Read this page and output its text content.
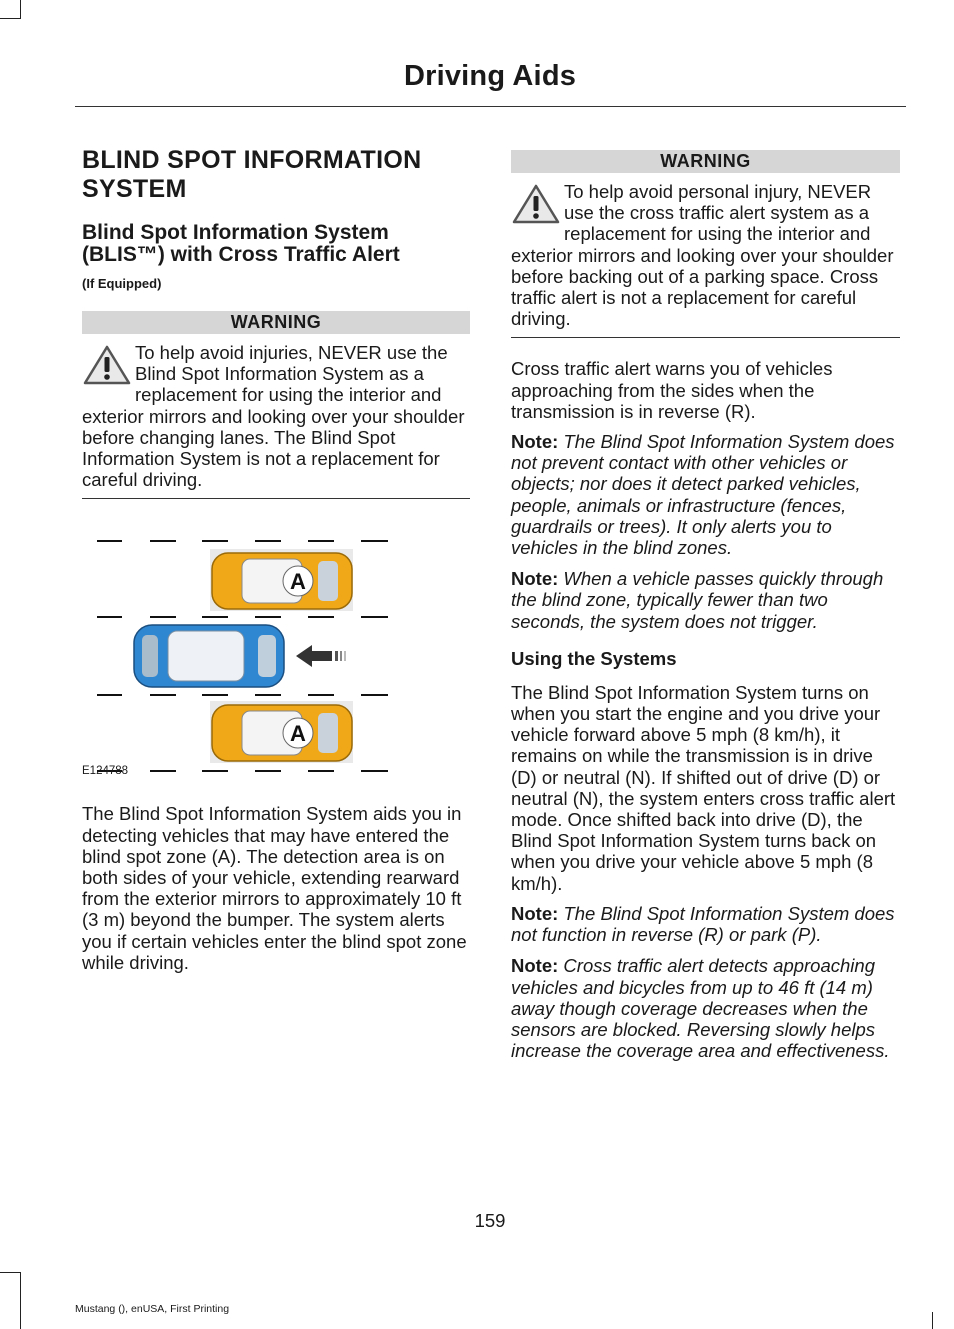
Driving Aids
BLIND SPOT INFORMATION SYSTEM
Blind Spot Information System (BLIS™) with Cross Traffic Alert
(If Equipped)
WARNING
To help avoid injuries, NEVER use the Blind Spot Information System as a replacement for using the interior and exterior mirrors and looking over your shoulder before changing lanes. The Blind Spot Information System is not a replacement for careful driving.
A
A
E124788

The Blind Spot Information System aids you in detecting vehicles that may have entered the blind spot zone (A). The detection area is on both sides of your vehicle, extending rearward from the exterior mirrors to approximately 10 ft (3 m) beyond the bumper. The system alerts you if certain vehicles enter the blind spot zone while driving.

WARNING
To help avoid personal injury, NEVER use the cross traffic alert system as a replacement for using the interior and exterior mirrors and looking over your shoulder before backing out of a parking space. Cross traffic alert is not a replacement for careful driving.

Cross traffic alert warns you of vehicles approaching from the sides when the transmission is in reverse (R).

Note: The Blind Spot Information System does not prevent contact with other vehicles or objects; nor does it detect parked vehicles, people, animals or infrastructure (fences, guardrails or trees). It only alerts you to vehicles in the blind zones.

Note: When a vehicle passes quickly through the blind zone, typically fewer than two seconds, the system does not trigger.

Using the Systems

The Blind Spot Information System turns on when you start the engine and you drive your vehicle forward above 5 mph (8 km/h), it remains on while the transmission is in drive (D) or neutral (N). If shifted out of drive (D) or neutral (N), the system enters cross traffic alert mode. Once shifted back into drive (D), the Blind Spot Information System turns back on when you drive your vehicle above 5 mph (8 km/h).

Note: The Blind Spot Information System does not function in reverse (R) or park (P).

Note: Cross traffic alert detects approaching vehicles and bicycles from up to 46 ft (14 m) away though coverage decreases when the sensors are blocked. Reversing slowly helps increase the coverage area and effectiveness.

159
Mustang (), enUSA, First Printing
